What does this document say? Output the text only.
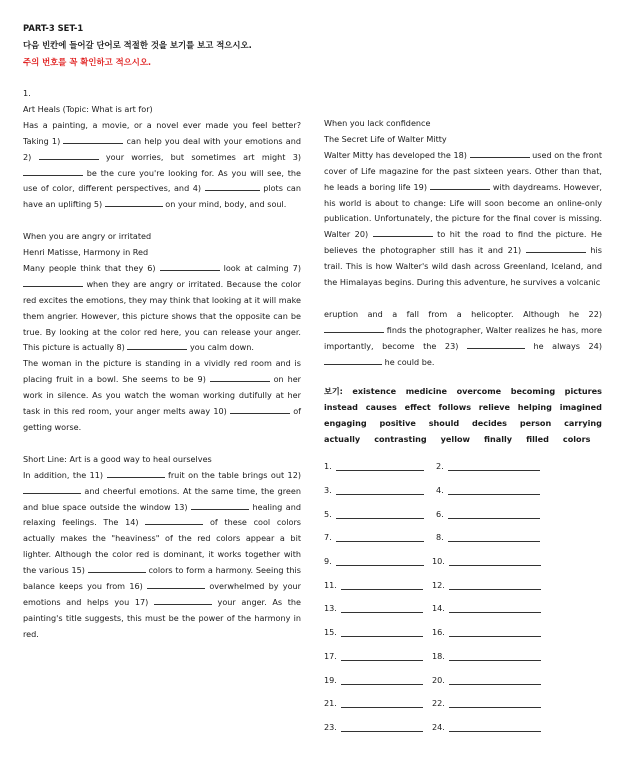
PART-3 SET-1
다음 빈칸에 들어갈 단어로 적절한 것을 보기를 보고 적으시오.
주의 번호를 꼭 확인하고 적으시오.
1.
Art Heals (Topic: What is art for)

Has a painting, a movie, or a novel ever made you feel better? Taking 1)	can help you deal with your emotions and 2)	your worries, but sometimes art might 3)  be the cure you're looking for. As you will see, the use of color, different perspectives, and 4)	plots can have an uplifting 5)	on your mind, body, and soul.

When you are angry or irritated
Henri Matisse, Harmony in Red

Many people think that they 6)	look at calming 7)  when they are angry or irritated. Because the color red excites the emotions, they may think that looking at it will make them angrier. However, this picture shows that the opposite can be true. By looking at the color red here, you can release your anger. This picture is actually 8)	you calm down.

The woman in the picture is standing in a vividly red room and is placing fruit in a bowl. She seems to be 9)	on her work in silence. As you watch the woman working dutifully at her task in this red room, your anger melts away 10)	of getting worse.

Short Line: Art is a good way to heal ourselves

In addition, the 11)	fruit on the table brings out 12)  and cheerful emotions. At the same time, the green and blue space outside the window 13)	healing and relaxing feelings. The 14)	of these cool colors actually makes the "heaviness" of the red colors appear a bit lighter. Although the color red is dominant, it works together with the various 15)	colors to form a harmony. Seeing this balance keeps you from 16)	overwhelmed by your emotions and helps you 17)	your anger. As the painting's title suggests, this must be the power of the harmony in red.

When you lack confidence
The Secret Life of Walter Mitty

Walter Mitty has developed the 18)	used on the front cover of Life magazine for the past sixteen years. Other than that, he leads a boring life 19)	with daydreams. However, his world is about to change: Life will soon become an online-only publication. Unfortunately, the picture for the final cover is missing. Walter 20)	to hit the road to find the picture. He believes the photographer still has it and 21)	his trail. This is how Walter's wild dash across Greenland, Iceland, and the Himalayas begins. During this adventure, he survives a volcanic

eruption and a fall from a helicopter. Although he 22)  finds the photographer, Walter realizes he has, more importantly, become the 23)	he always 24)  he could be.

보기: existence medicine overcome becoming pictures
instead causes effect follows relieve helping imagined
engaging positive should decides person carrying
actually contrasting yellow finally filled colors
1.	2.
3.	4.
5.	6.
7.	8.
9.	10.
11.	12.
13.	14.
15.	16.
17.	18.
19.	20.
21.	22.
23.	24.
